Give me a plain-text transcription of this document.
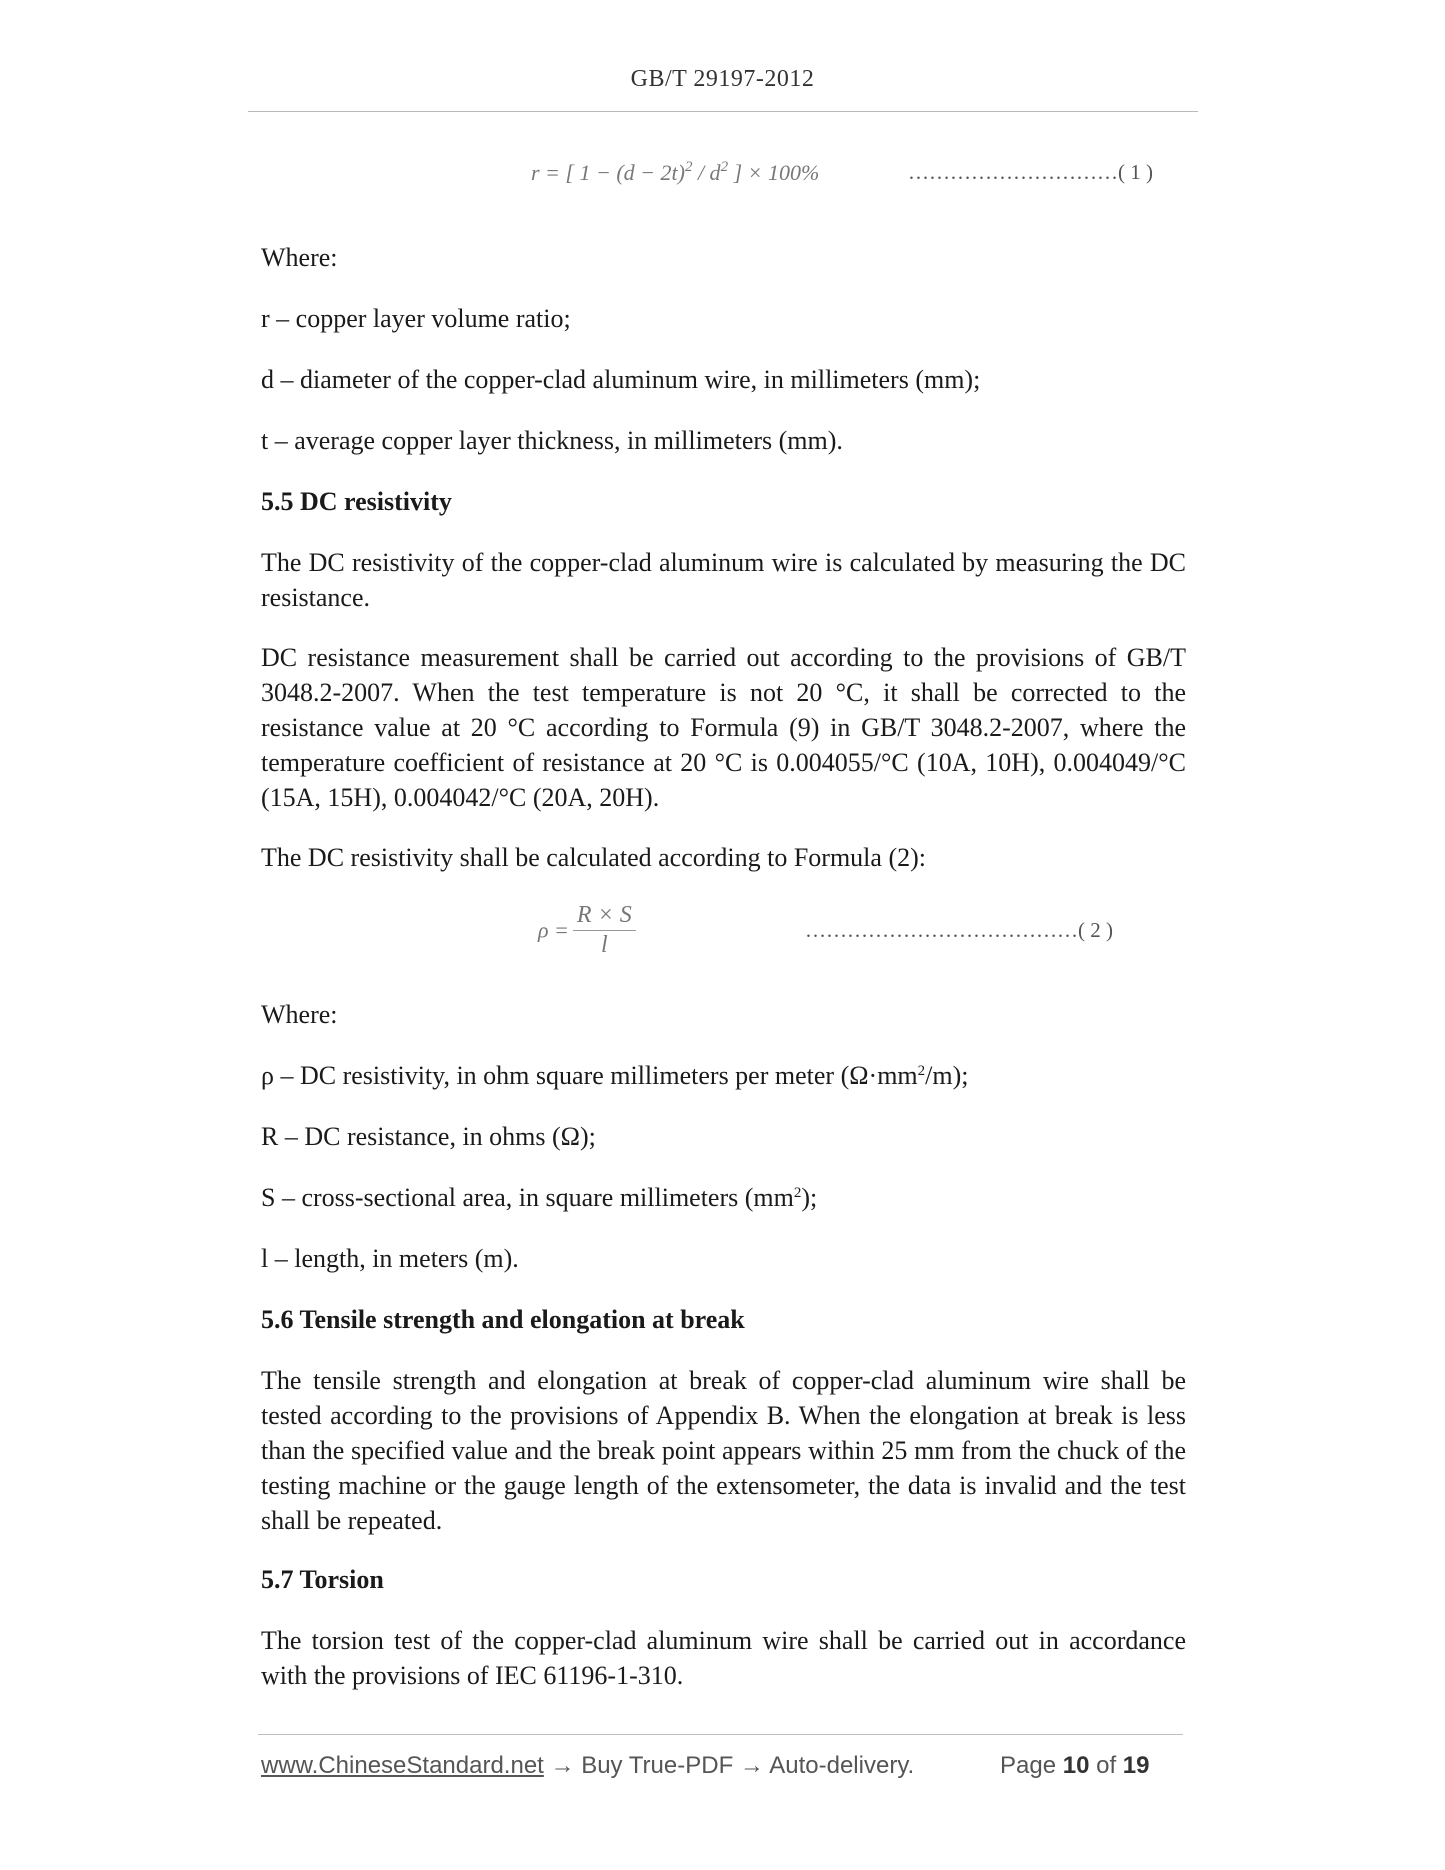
GB/T 29197-2012
r = [ $1 - (d - 2t)^2 / d^2$ ] × 100%	…………………………( 1 )
Where:
r – copper layer volume ratio;
d – diameter of the copper-clad aluminum wire, in millimeters (mm);
t – average copper layer thickness, in millimeters (mm).
5.5 DC resistivity
The DC resistivity of the copper-clad aluminum wire is calculated by measuring the DC resistance.
DC resistance measurement shall be carried out according to the provisions of GB/T 3048.2-2007. When the test temperature is not 20 °C, it shall be corrected to the resistance value at 20 °C according to Formula (9) in GB/T 3048.2-2007, where the temperature coefficient of resistance at 20 °C is 0.004055/°C (10A, 10H), 0.004049/°C (15A, 15H), 0.004042/°C (20A, 20H).
The DC resistivity shall be calculated according to Formula (2):
$\rho = \frac{R \times S}{l}$	…………………………………( 2 )
Where:
ρ – DC resistivity, in ohm square millimeters per meter $(\Omega\cdot mm^2/m)$;
R – DC resistance, in ohms (Ω);
S – cross-sectional area, in square millimeters $(mm^2)$;
l – length, in meters (m).
5.6 Tensile strength and elongation at break
The tensile strength and elongation at break of copper-clad aluminum wire shall be tested according to the provisions of Appendix B. When the elongation at break is less than the specified value and the break point appears within 25 mm from the chuck of the testing machine or the gauge length of the extensometer, the data is invalid and the test shall be repeated.
5.7 Torsion
The torsion test of the copper-clad aluminum wire shall be carried out in accordance with the provisions of IEC 61196-1-310.
www.ChineseStandard.net → Buy True-PDF → Auto-delivery.	Page 10 of 19
